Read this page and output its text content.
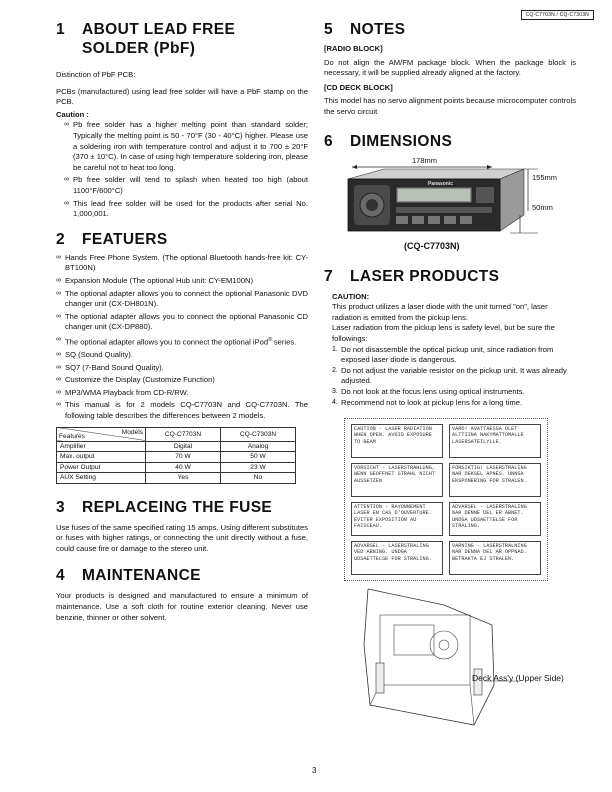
CQ-C7703N / CQ-C7303N
1 ABOUT LEAD FREE
SOLDER (PbF)

Distinction of PbF PCB:

PCBs (manufactured) using lead free solder will have a PbF stamp on the PCB.

Caution :

∞ Pb free solder has a higher melting point than standard solder; Typically the melting point is 50 - 70°F (30 - 40°C) higher. Please use a soldering iron with temperature control and adjust it to 700 ± 20°F (370 ± 10°C). In case of using high temperature soldering iron, please be careful not to heat too long.
∞ Pb free solder will tend to splash when heated too high (about 1100°F/600°C)
∞ This lead free solder will be used for the products after serial No. 1,000,001.
2 FEATUERS
∞ Hands Free Phone System. (The optional Bluetooth hands-free kit: CY-BT100N)
∞ Expansion Module (The optional Hub unit: CY-EM100N)
∞ The optional adapter allows you to connect the optional Panasonic DVD changer unit (CX-DH801N).
∞ The optional adapter allows you to connect the optional Panasonic CD changer unit (CX-DP880).
∞ The optional adapter allows you to connect the optional iPod® series.
∞ SQ (Sound Quality).
∞ SQ7 (7-Band Sound Quality).
∞ Customize the Display (Customize Function)
∞ MP3/WMA Playback from CD-R/RW.
∞ This manual is for 2 models CQ-C7703N and CQ-C7703N. The following table describes the differences between 2 models.
Features
Models	CQ-C7703N	CQ-C7303N
Amplifier	Digital	Analog
Max. output	70 W	50 W
Power Output	40 W	23 W
AUX Setting	Yes	No
3 REPLACEING THE FUSE

Use fuses of the same specified rating 15 amps. Using different substitutes or fuses with higher ratings, or connecting the unit directly without a fuse, could cause fire or damage to the stereo unit.

4 MAINTENANCE

Your products is designed and manufactured to ensure a minimum of maintenance. Use a soft cloth for routine exterior cleaning. Never use benzine, thinner or other solvent.

5 NOTES

[RADIO BLOCK]

Do not align the AM/FM package block. When the package block is necessary, it will be supplied already aligned at the factory.

[CD DECK BLOCK]

This model has no servo alignment points because microcomputer controls the servo circuit

6 DIMENSIONS
178mm
155mm
50mm
Panasonic
(CQ-C7703N)
7 LASER PRODUCTS

CAUTION:

This product utilizes a laser diode with the unit turned "on", laser radiation is emitted from the pickup lens.

Laser radiation from the pickup lens is safety level, but be sure the followings:

1. Do not disassemble the optical pickup unit, since radiation from exposed laser diode is dangerous.
2. Do not adjust the variable resistor on the pickup unit. It was already adjusted.
3. Do not look at the focus lens using optical instruments.
4. Recommend not to look at pickup lens for a long time.
CAUTION - LASER RADIATION WHEN OPEN. AVOID EXPOSURE TO BEAM
VARO! AVATTAESSA OLET ALTTIINA NAKYMATTOMALLE LASERSATEILYLLE.
VORSICHT - LASERSTRAHLUNG, WENN GEOFFNET STRAHL NICHT AUSSETZEN
FORSIKTIG! LASERSTRALING NAR DEKSEL APNES. UNNGA EKSPONERING FOR STRALEN.
ATTENTION - RAYONNEMENT LASER EN CAS D'OUVERTURE. EVITER EXPOSITION AU FAISCEAU.
ADVARSEL - LASERSTRALING NAR DENNE DEL ER ABNET. UNDGA UDSAETTELSE FOR STRALING.
ADVARSEL - LASERSTRALING VED ABNING. UNDGA UDSAETTELSE FOR STRALING.
VARNING - LASERSTRALNING NAR DENNA DEL AR OPPNAD. BETRAKTA EJ STRALEN.
Deck Ass'y (Upper Side)
3
